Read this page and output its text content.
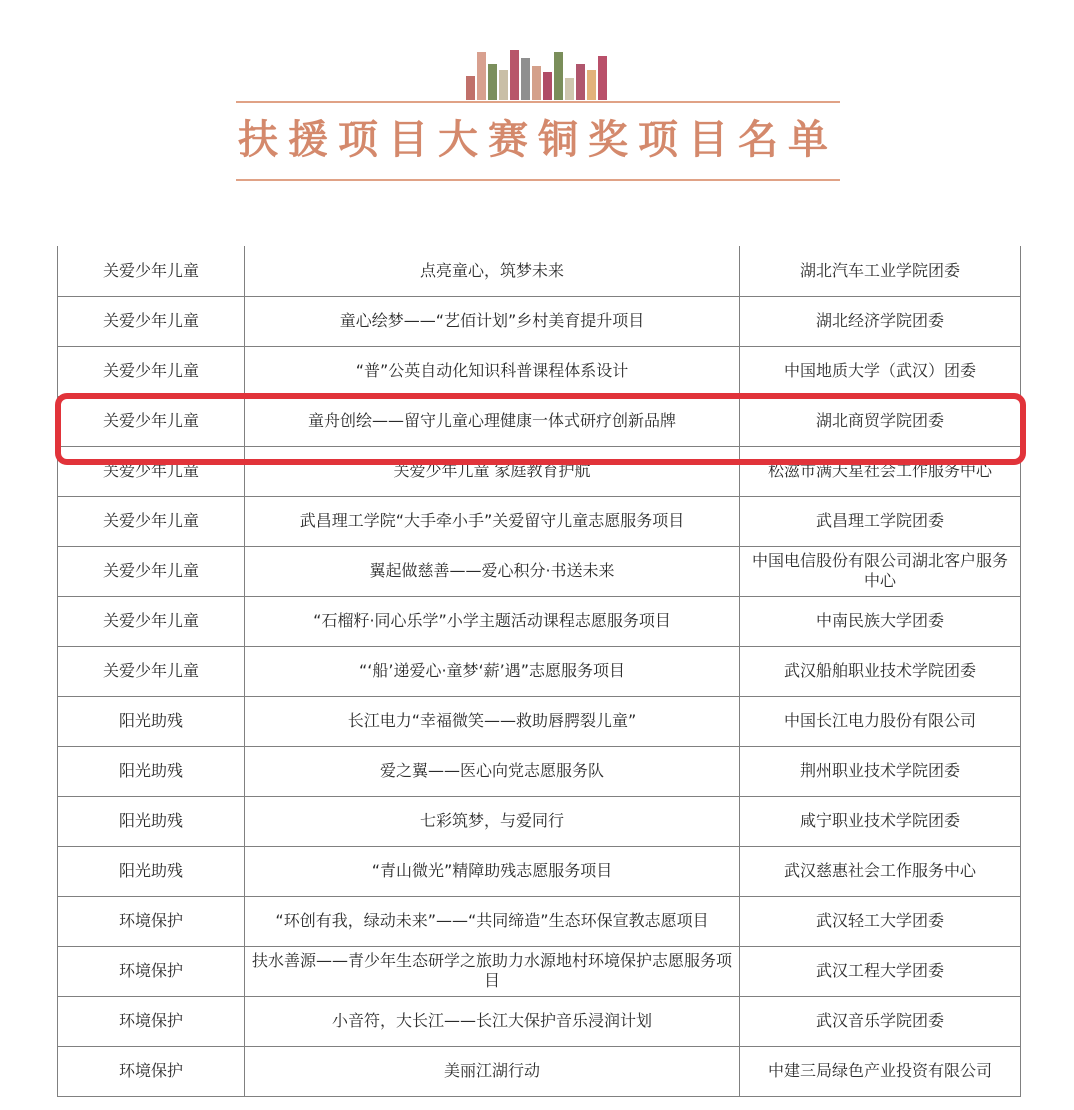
扶援项目大赛铜奖项目名单
关爱少年儿童	点亮童心，筑梦未来	湖北汽车工业学院团委
关爱少年儿童	童心绘梦——“艺佰计划”乡村美育提升项目	湖北经济学院团委
关爱少年儿童	“普”公英自动化知识科普课程体系设计	中国地质大学（武汉）团委
关爱少年儿童	童舟创绘——留守儿童心理健康一体式研疗创新品牌	湖北商贸学院团委
关爱少年儿童	关爱少年儿童 家庭教育护航	松滋市满天星社会工作服务中心
关爱少年儿童	武昌理工学院“大手牵小手”关爱留守儿童志愿服务项目	武昌理工学院团委
关爱少年儿童	翼起做慈善——爱心积分·书送未来	中国电信股份有限公司湖北客户服务中心
关爱少年儿童	“石榴籽·同心乐学”小学主题活动课程志愿服务项目	中南民族大学团委
关爱少年儿童	“‘船’递爱心·童梦‘薪’遇”志愿服务项目	武汉船舶职业技术学院团委
阳光助残	长江电力“幸福微笑——救助唇腭裂儿童”	中国长江电力股份有限公司
阳光助残	爱之翼——医心向党志愿服务队	荆州职业技术学院团委
阳光助残	七彩筑梦，与爱同行	咸宁职业技术学院团委
阳光助残	“青山微光”精障助残志愿服务项目	武汉慈惠社会工作服务中心
环境保护	“环创有我，绿动未来”——“共同缔造”生态环保宣教志愿项目	武汉轻工大学团委
环境保护	扶水善源——青少年生态研学之旅助力水源地村环境保护志愿服务项目	武汉工程大学团委
环境保护	小音符，大长江——长江大保护音乐浸润计划	武汉音乐学院团委
环境保护	美丽江湖行动	中建三局绿色产业投资有限公司
